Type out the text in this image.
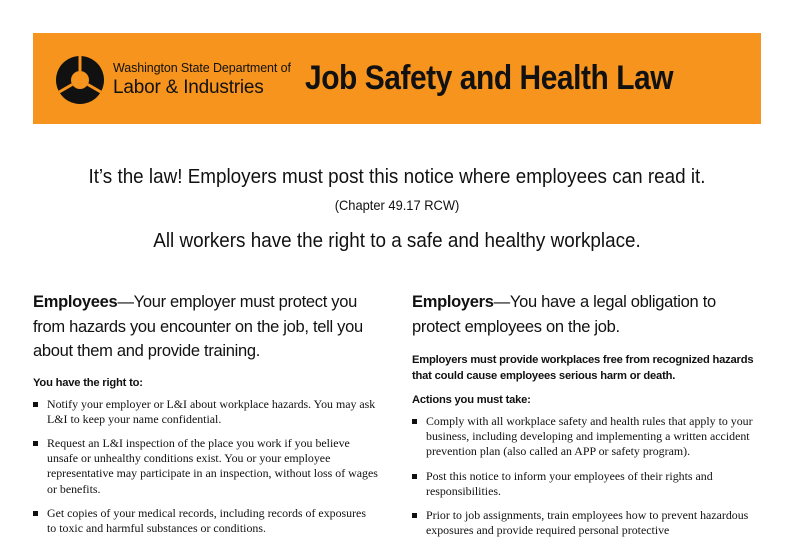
Washington State Department of
Labor & Industries	Job Safety and Health Law
It’s the law! Employers must post this notice where employees can read it.
(Chapter 49.17 RCW)
All workers have the right to a safe and healthy workplace.

Employees—Your employer must protect you from hazards you encounter on the job, tell you about them and provide training.

You have the right to:

Notify your employer or L&I about workplace hazards. You may ask L&I to keep your name confidential.
Request an L&I inspection of the place you work if you believe unsafe or unhealthy conditions exist. You or your employee representative may participate in an inspection, without loss of wages or benefits.
Get copies of your medical records, including records of exposures to toxic and harmful substances or conditions.

Employers—You have a legal obligation to protect employees on the job.

Employers must provide workplaces free from recognized hazards that could cause employees serious harm or death.

Actions you must take:

Comply with all workplace safety and health rules that apply to your business, including developing and implementing a written accident prevention plan (also called an APP or safety program).
Post this notice to inform your employees of their rights and responsibilities.
Prior to job assignments, train employees how to prevent hazardous exposures and provide required personal protective
